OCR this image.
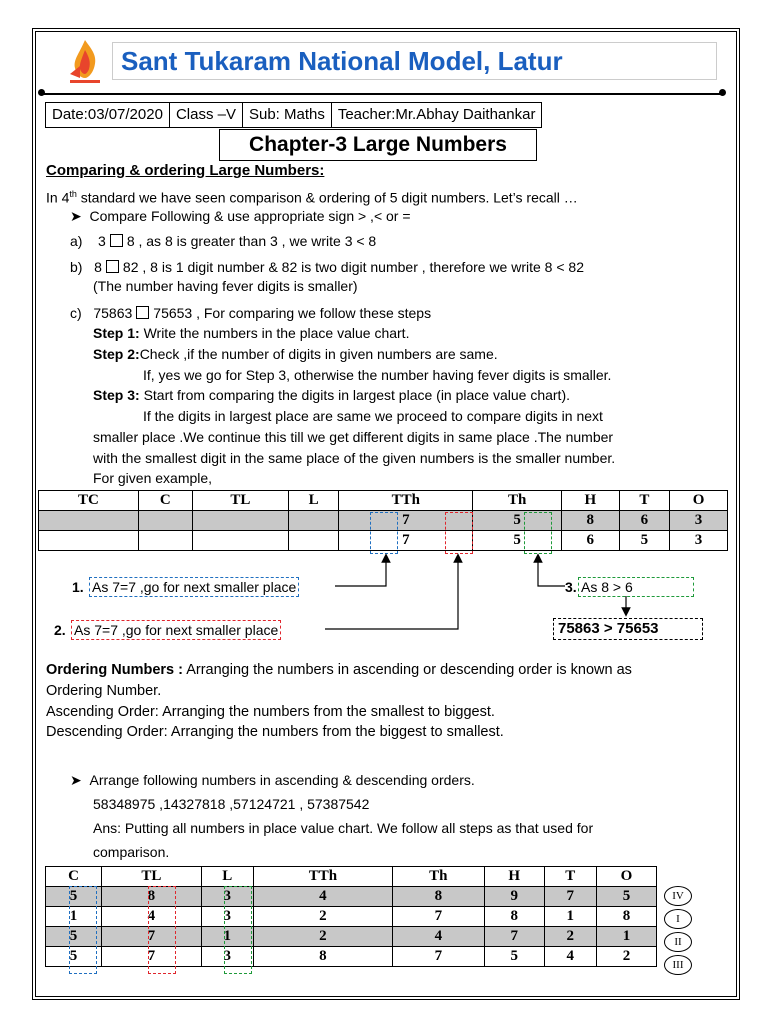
Sant Tukaram National Model, Latur
Date:03/07/2020 Class –V Sub: Maths Teacher:Mr.Abhay Daithankar
Chapter-3 Large Numbers
Comparing & ordering Large Numbers:
In 4th standard we have seen comparison & ordering of 5 digit numbers. Let’s recall …
➤ Compare Following & use appropriate sign > ,< or =
a) 3 8 , as 8 is greater than 3 , we write 3 < 8
b) 8 82 , 8 is 1 digit number & 82 is two digit number , therefore we write 8 < 82
(The number having fever digits is smaller)
c) 75863 75653 , For comparing we follow these steps
Step 1: Write the numbers in the place value chart.
Step 2:Check ,if the number of digits in given numbers are same.
If, yes we go for Step 3, otherwise the number having fever digits is smaller.
Step 3: Start from comparing the digits in largest place (in place value chart).
If the digits in largest place are same we proceed to compare digits in next
smaller place .We continue this till we get different digits in same place .The number
with the smallest digit in the same place of the given numbers is the smaller number.
For given example,
TC	C	TL	L	TTh	Th	H	T	O
				7	5	8	6	3
				7	5	6	5	3
1. As 7=7 ,go for next smaller place
2. As 7=7 ,go for next smaller place
3. As 8 > 6
75863 > 75653
Ordering Numbers : Arranging the numbers in ascending or descending order is known as
Ordering Number.
Ascending Order: Arranging the numbers from the smallest to biggest.
Descending Order: Arranging the numbers from the biggest to smallest.
➤ Arrange following numbers in ascending & descending orders.
58348975 ,14327818 ,57124721 , 57387542
Ans: Putting all numbers in place value chart. We follow all steps as that used for
comparison.
C	TL	L	TTh	Th	H	T	O
5	8	3	4	8	9	7	5
1	4	3	2	7	8	1	8
5	7	1	2	4	7	2	1
5	7	3	8	7	5	4	2
IV
I
II
III
